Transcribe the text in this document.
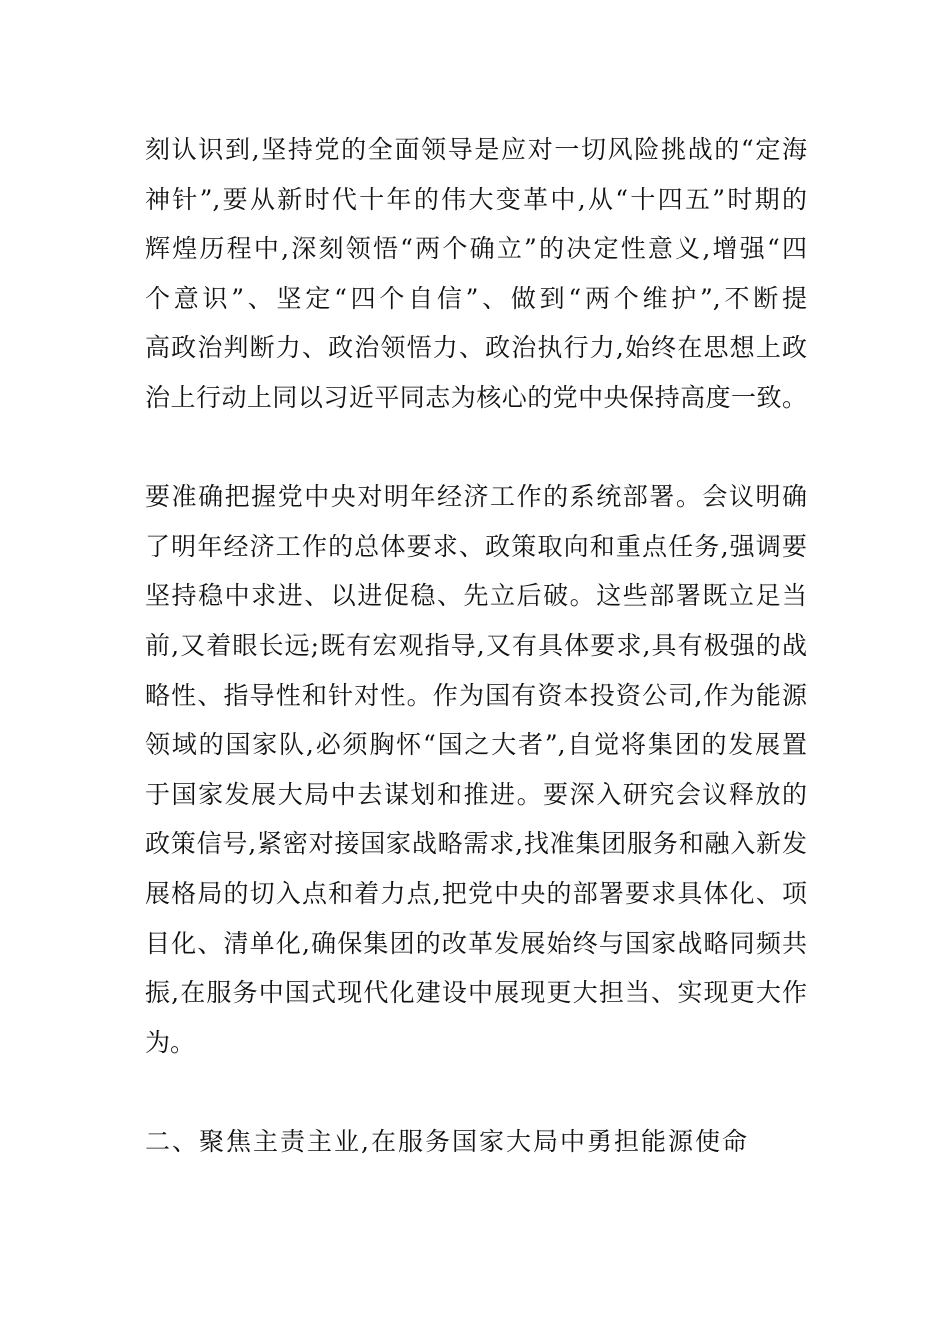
刻认识到,坚持党的全面领导是应对一切风险挑战的“定海
神针”,要从新时代十年的伟大变革中,从“十四五”时期的
辉煌历程中,深刻领悟“两个确立”的决定性意义,增强“四
个意识”、坚定“四个自信”、做到“两个维护”,不断提
高政治判断力、政治领悟力、政治执行力,始终在思想上政
治上行动上同以习近平同志为核心的党中央保持高度一致。
要准确把握党中央对明年经济工作的系统部署。会议明确
了明年经济工作的总体要求、政策取向和重点任务,强调要
坚持稳中求进、以进促稳、先立后破。这些部署既立足当
前,又着眼长远;既有宏观指导,又有具体要求,具有极强的战
略性、指导性和针对性。作为国有资本投资公司,作为能源
领域的国家队,必须胸怀“国之大者”,自觉将集团的发展置
于国家发展大局中去谋划和推进。要深入研究会议释放的
政策信号,紧密对接国家战略需求,找准集团服务和融入新发
展格局的切入点和着力点,把党中央的部署要求具体化、项
目化、清单化,确保集团的改革发展始终与国家战略同频共
振,在服务中国式现代化建设中展现更大担当、实现更大作
为。
二、聚焦主责主业,在服务国家大局中勇担能源使命
